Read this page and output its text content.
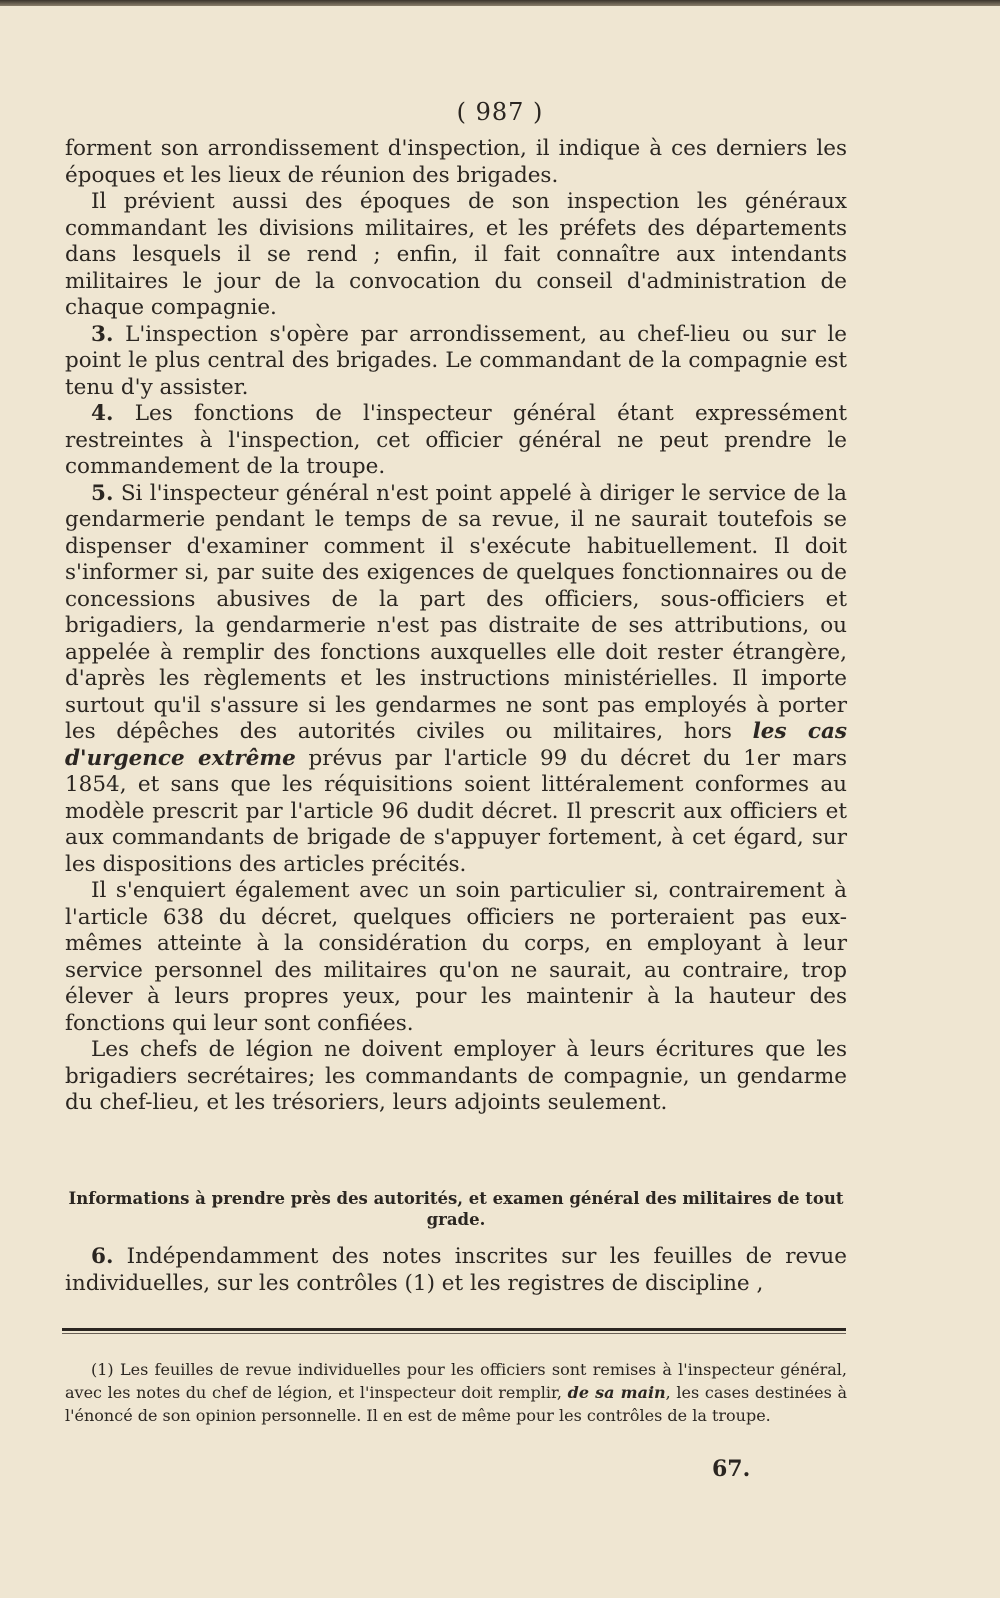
( 987 )

forment son arrondissement d'inspection, il indique à ces derniers les époques et les lieux de réunion des brigades.

Il prévient aussi des époques de son inspection les généraux commandant les divisions militaires, et les préfets des départements dans lesquels il se rend ; enfin, il fait connaître aux intendants militaires le jour de la convocation du conseil d'administration de chaque compagnie.

3. L'inspection s'opère par arrondissement, au chef-lieu ou sur le point le plus central des brigades. Le commandant de la compagnie est tenu d'y assister.

4. Les fonctions de l'inspecteur général étant expressément restreintes à l'inspection, cet officier général ne peut prendre le commandement de la troupe.

5. Si l'inspecteur général n'est point appelé à diriger le service de la gendarmerie pendant le temps de sa revue, il ne saurait toutefois se dispenser d'examiner comment il s'exécute habituellement. Il doit s'informer si, par suite des exigences de quelques fonctionnaires ou de concessions abusives de la part des officiers, sous-officiers et brigadiers, la gendarmerie n'est pas distraite de ses attributions, ou appelée à remplir des fonctions auxquelles elle doit rester étrangère, d'après les règlements et les instructions ministérielles. Il importe surtout qu'il s'assure si les gendarmes ne sont pas employés à porter les dépêches des autorités civiles ou militaires, hors les cas d'urgence extrême prévus par l'article 99 du décret du 1er mars 1854, et sans que les réquisitions soient littéralement conformes au modèle prescrit par l'article 96 dudit décret. Il prescrit aux officiers et aux commandants de brigade de s'appuyer fortement, à cet égard, sur les dispositions des articles précités.

Il s'enquiert également avec un soin particulier si, contrairement à l'article 638 du décret, quelques officiers ne porteraient pas eux-mêmes atteinte à la considération du corps, en employant à leur service personnel des militaires qu'on ne saurait, au contraire, trop élever à leurs propres yeux, pour les maintenir à la hauteur des fonctions qui leur sont confiées.

Les chefs de légion ne doivent employer à leurs écritures que les brigadiers secrétaires; les commandants de compagnie, un gendarme du chef-lieu, et les trésoriers, leurs adjoints seulement.

Informations à prendre près des autorités, et examen général des militaires de tout grade.

6. Indépendamment des notes inscrites sur les feuilles de revue individuelles, sur les contrôles (1) et les registres de discipline ,

(1) Les feuilles de revue individuelles pour les officiers sont remises à l'inspecteur général, avec les notes du chef de légion, et l'inspecteur doit remplir, de sa main, les cases destinées à l'énoncé de son opinion personnelle. Il en est de même pour les contrôles de la troupe.

67.
